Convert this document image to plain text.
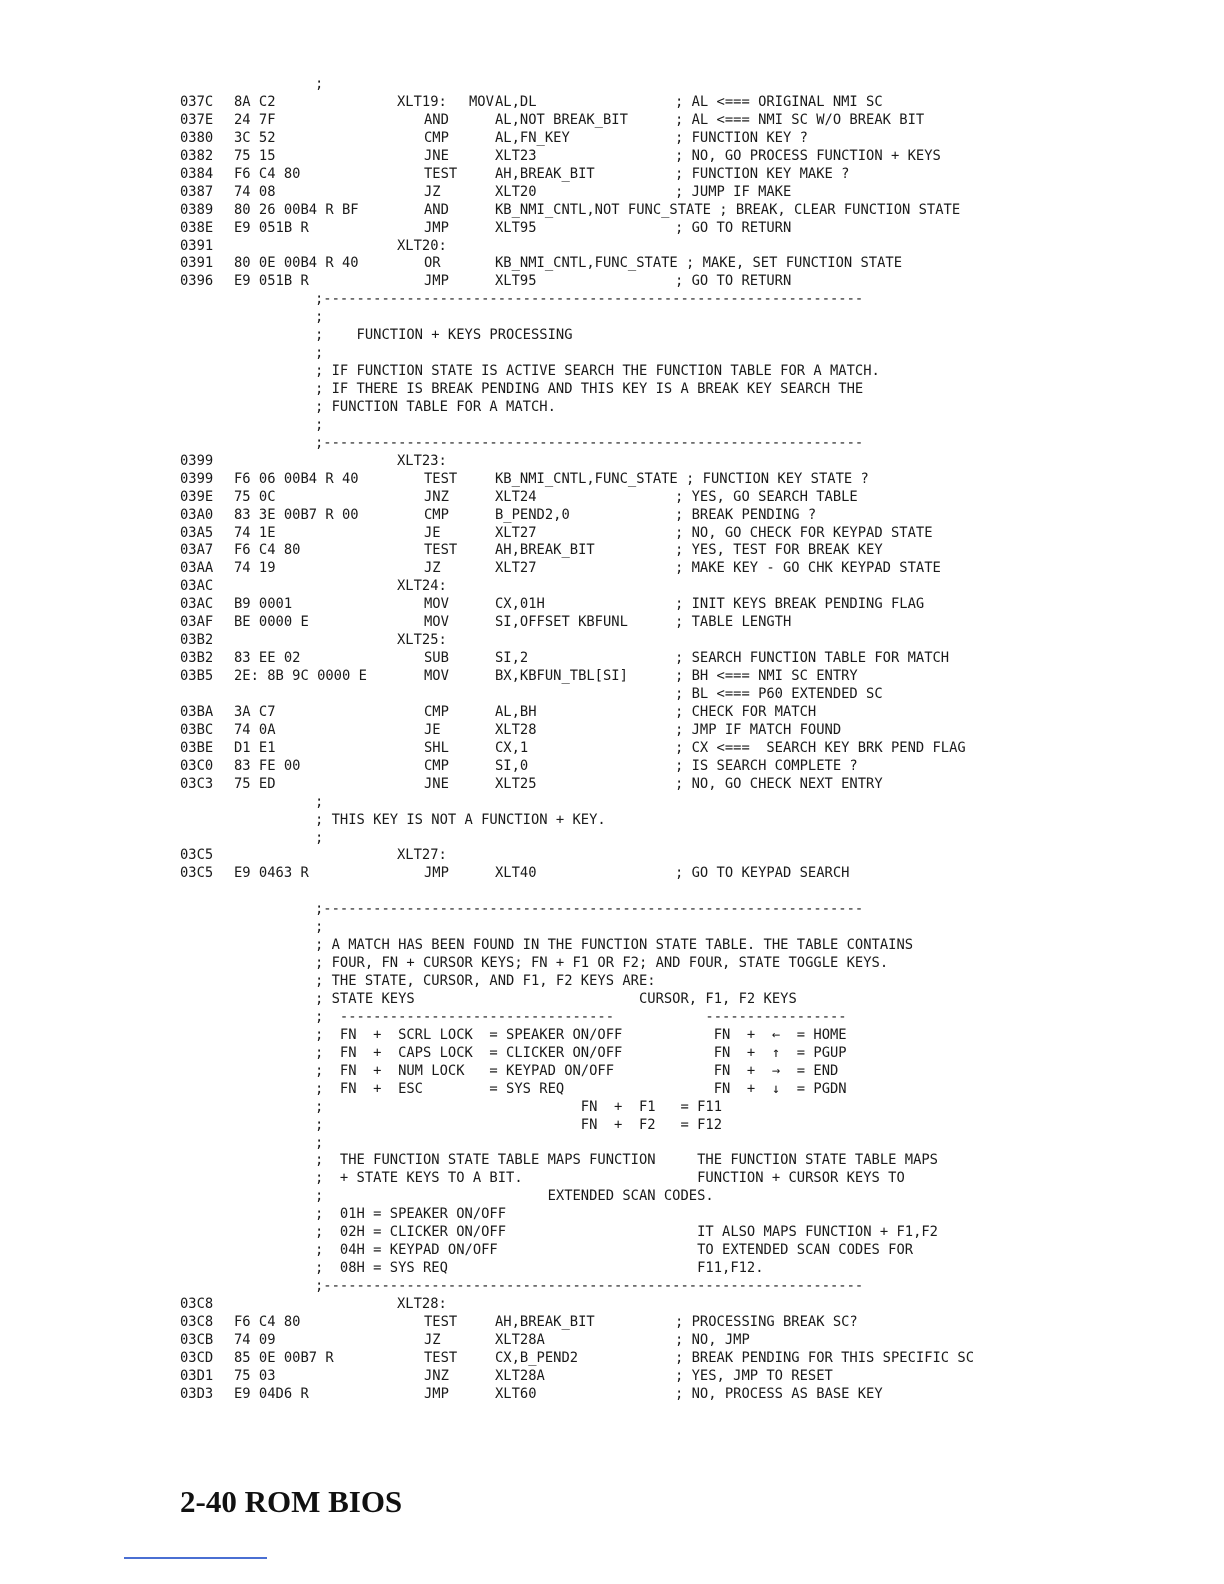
;
037C 8A C2	XLT19: MOV AL,DL	; AL <=== ORIGINAL NMI SC
037E 24 7F	AND	AL,NOT BREAK_BIT	; AL <=== NMI SC W/O BREAK BIT
0380 3C 52	CMP	AL,FN_KEY	; FUNCTION KEY ?
0382 75 15	JNE	XLT23	; NO, GO PROCESS FUNCTION + KEYS
0384 F6 C4 80	TEST	AH,BREAK_BIT	; FUNCTION KEY MAKE ?
0387 74 08	JZ	XLT20	; JUMP IF MAKE
0389 80 26 00B4 R BF	AND	KB_NMI_CNTL,NOT FUNC_STATE ; BREAK, CLEAR FUNCTION STATE
038E E9 051B R	JMP	XLT95	; GO TO RETURN
0391	XLT20:
0391 80 0E 00B4 R 40	OR	KB_NMI_CNTL,FUNC_STATE ; MAKE, SET FUNCTION STATE
0396 E9 051B R	JMP	XLT95	; GO TO RETURN
;-----------------------------------------------------------------
;
;    FUNCTION + KEYS PROCESSING
;
; IF FUNCTION STATE IS ACTIVE SEARCH THE FUNCTION TABLE FOR A MATCH.
; IF THERE IS BREAK PENDING AND THIS KEY IS A BREAK KEY SEARCH THE
; FUNCTION TABLE FOR A MATCH.
;
;-----------------------------------------------------------------
0399	XLT23:
0399 F6 06 00B4 R 40	TEST	KB_NMI_CNTL,FUNC_STATE ; FUNCTION KEY STATE ?
039E 75 0C	JNZ	XLT24	; YES, GO SEARCH TABLE
03A0 83 3E 00B7 R 00	CMP	B_PEND2,0	; BREAK PENDING ?
03A5 74 1E	JE	XLT27	; NO, GO CHECK FOR KEYPAD STATE
03A7 F6 C4 80	TEST	AH,BREAK_BIT	; YES, TEST FOR BREAK KEY
03AA 74 19	JZ	XLT27	; MAKE KEY - GO CHK KEYPAD STATE
03AC	XLT24:
03AC B9 0001	MOV	CX,01H	; INIT KEYS BREAK PENDING FLAG
03AF BE 0000 E	MOV	SI,OFFSET KBFUNL	; TABLE LENGTH
03B2	XLT25:
03B2 83 EE 02	SUB	SI,2	; SEARCH FUNCTION TABLE FOR MATCH
03B5 2E: 8B 9C 0000 E	MOV	BX,KBFUN_TBL[SI]	; BH <=== NMI SC ENTRY
; BL <=== P60 EXTENDED SC
03BA 3A C7	CMP	AL,BH	; CHECK FOR MATCH
03BC 74 0A	JE	XLT28	; JMP IF MATCH FOUND
03BE D1 E1	SHL	CX,1	; CX <===  SEARCH KEY BRK PEND FLAG
03C0 83 FE 00	CMP	SI,0	; IS SEARCH COMPLETE ?
03C3 75 ED	JNE	XLT25	; NO, GO CHECK NEXT ENTRY
;
; THIS KEY IS NOT A FUNCTION + KEY.
;
03C5	XLT27:
03C5 E9 0463 R	JMP	XLT40	; GO TO KEYPAD SEARCH
;-----------------------------------------------------------------
;
; A MATCH HAS BEEN FOUND IN THE FUNCTION STATE TABLE. THE TABLE CONTAINS
; FOUR, FN + CURSOR KEYS; FN + F1 OR F2; AND FOUR, STATE TOGGLE KEYS.
; THE STATE, CURSOR, AND F1, F2 KEYS ARE:
; STATE KEYS                           CURSOR, F1, F2 KEYS
;  ---------------------------------           -----------------
;  FN  +  SCRL LOCK  = SPEAKER ON/OFF           FN  +  ←  = HOME
;  FN  +  CAPS LOCK  = CLICKER ON/OFF           FN  +  ↑  = PGUP
;  FN  +  NUM LOCK   = KEYPAD ON/OFF            FN  +  →  = END
;  FN  +  ESC        = SYS REQ                  FN  +  ↓  = PGDN
;                               FN  +  F1   = F11
;                               FN  +  F2   = F12
;
;  THE FUNCTION STATE TABLE MAPS FUNCTION     THE FUNCTION STATE TABLE MAPS
;  + STATE KEYS TO A BIT.                     FUNCTION + CURSOR KEYS TO
;                           EXTENDED SCAN CODES.
;  01H = SPEAKER ON/OFF
;  02H = CLICKER ON/OFF                       IT ALSO MAPS FUNCTION + F1,F2
;  04H = KEYPAD ON/OFF                        TO EXTENDED SCAN CODES FOR
;  08H = SYS REQ                              F11,F12.
;-----------------------------------------------------------------
03C8	XLT28:
03C8 F6 C4 80	TEST	AH,BREAK_BIT	; PROCESSING BREAK SC?
03CB 74 09	JZ	XLT28A	; NO, JMP
03CD 85 0E 00B7 R	TEST	CX,B_PEND2	; BREAK PENDING FOR THIS SPECIFIC SC
03D1 75 03	JNZ	XLT28A	; YES, JMP TO RESET
03D3 E9 04D6 R	JMP	XLT60	; NO, PROCESS AS BASE KEY
2-40 ROM BIOS
